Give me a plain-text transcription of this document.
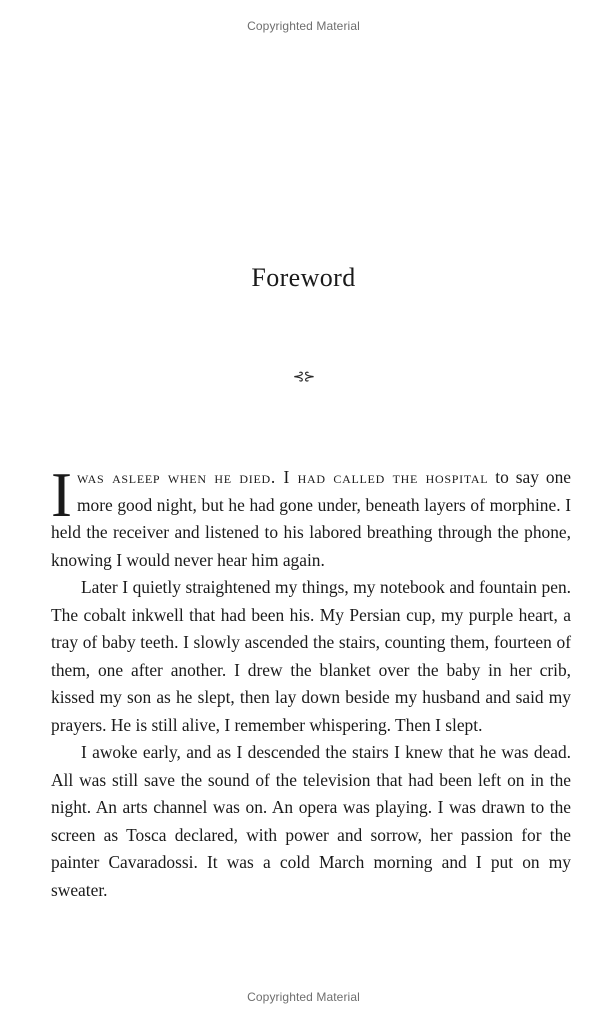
Copyrighted Material
Foreword
⊰⊱

Iwas asleep when he died. I had called the hospital to say one more good night, but he had gone under, beneath layers of morphine. I held the receiver and listened to his labored breathing through the phone, knowing I would never hear him again.

Later I quietly straightened my things, my notebook and fountain pen. The cobalt inkwell that had been his. My Persian cup, my purple heart, a tray of baby teeth. I slowly ascended the stairs, counting them, fourteen of them, one after another. I drew the blanket over the baby in her crib, kissed my son as he slept, then lay down beside my husband and said my prayers. He is still alive, I remember whispering. Then I slept.

I awoke early, and as I descended the stairs I knew that he was dead. All was still save the sound of the television that had been left on in the night. An arts channel was on. An opera was playing. I was drawn to the screen as Tosca declared, with power and sorrow, her passion for the painter Cavaradossi. It was a cold March morning and I put on my sweater.

Copyrighted Material
